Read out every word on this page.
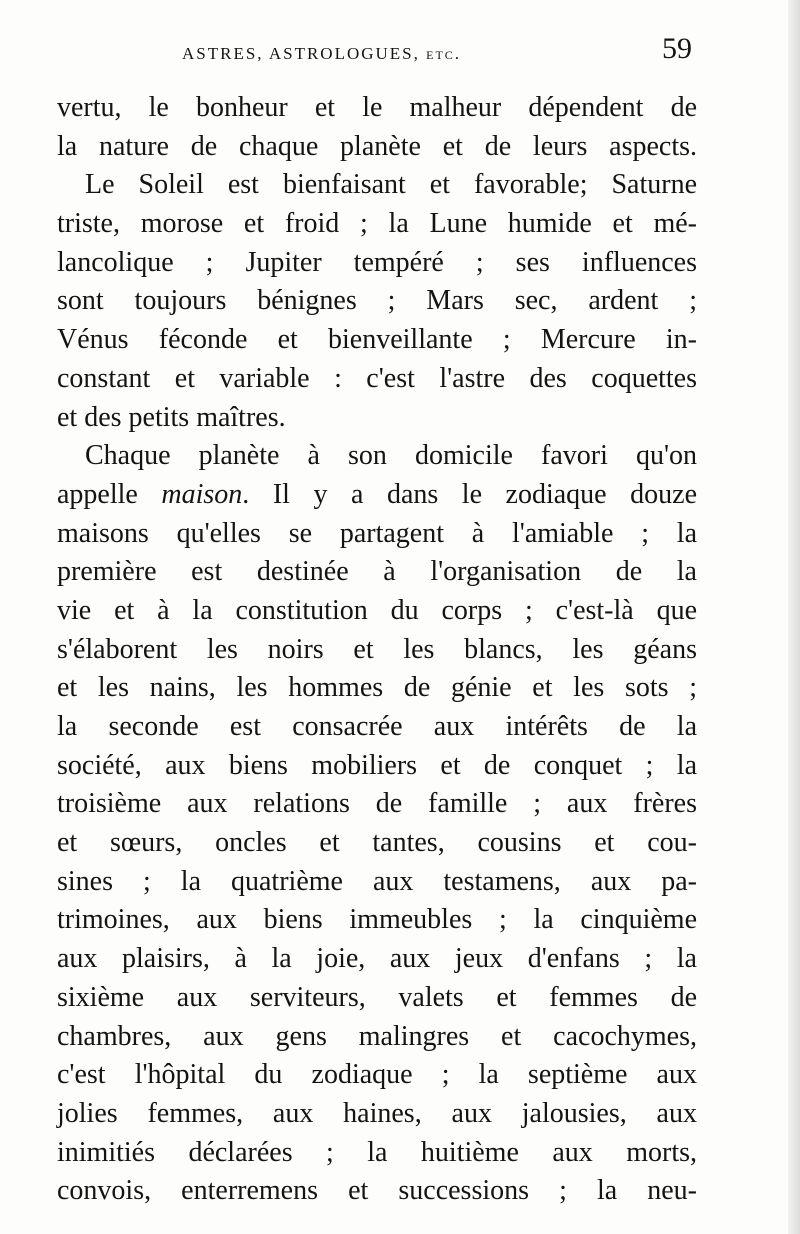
ASTRES, ASTROLOGUES, etc.	59
vertu, le bonheur et le malheur dépendent de
la nature de chaque planète et de leurs aspects.
Le Soleil est bienfaisant et favorable; Saturne
triste, morose et froid ; la Lune humide et mé-
lancolique ; Jupiter tempéré ; ses influences
sont toujours bénignes ; Mars sec, ardent ;
Vénus féconde et bienveillante ; Mercure in-
constant et variable : c'est l'astre des coquettes
et des petits maîtres.
Chaque planète à son domicile favori qu'on
appelle maison. Il y a dans le zodiaque douze
maisons qu'elles se partagent à l'amiable ; la
première est destinée à l'organisation de la
vie et à la constitution du corps ; c'est-là que
s'élaborent les noirs et les blancs, les géans
et les nains, les hommes de génie et les sots ;
la seconde est consacrée aux intérêts de la
société, aux biens mobiliers et de conquet ; la
troisième aux relations de famille ; aux frères
et sœurs, oncles et tantes, cousins et cou-
sines ; la quatrième aux testamens, aux pa-
trimoines, aux biens immeubles ; la cinquième
aux plaisirs, à la joie, aux jeux d'enfans ; la
sixième aux serviteurs, valets et femmes de
chambres, aux gens malingres et cacochymes,
c'est l'hôpital du zodiaque ; la septième aux
jolies femmes, aux haines, aux jalousies, aux
inimitiés déclarées ; la huitième aux morts,
convois, enterremens et successions ; la neu-
